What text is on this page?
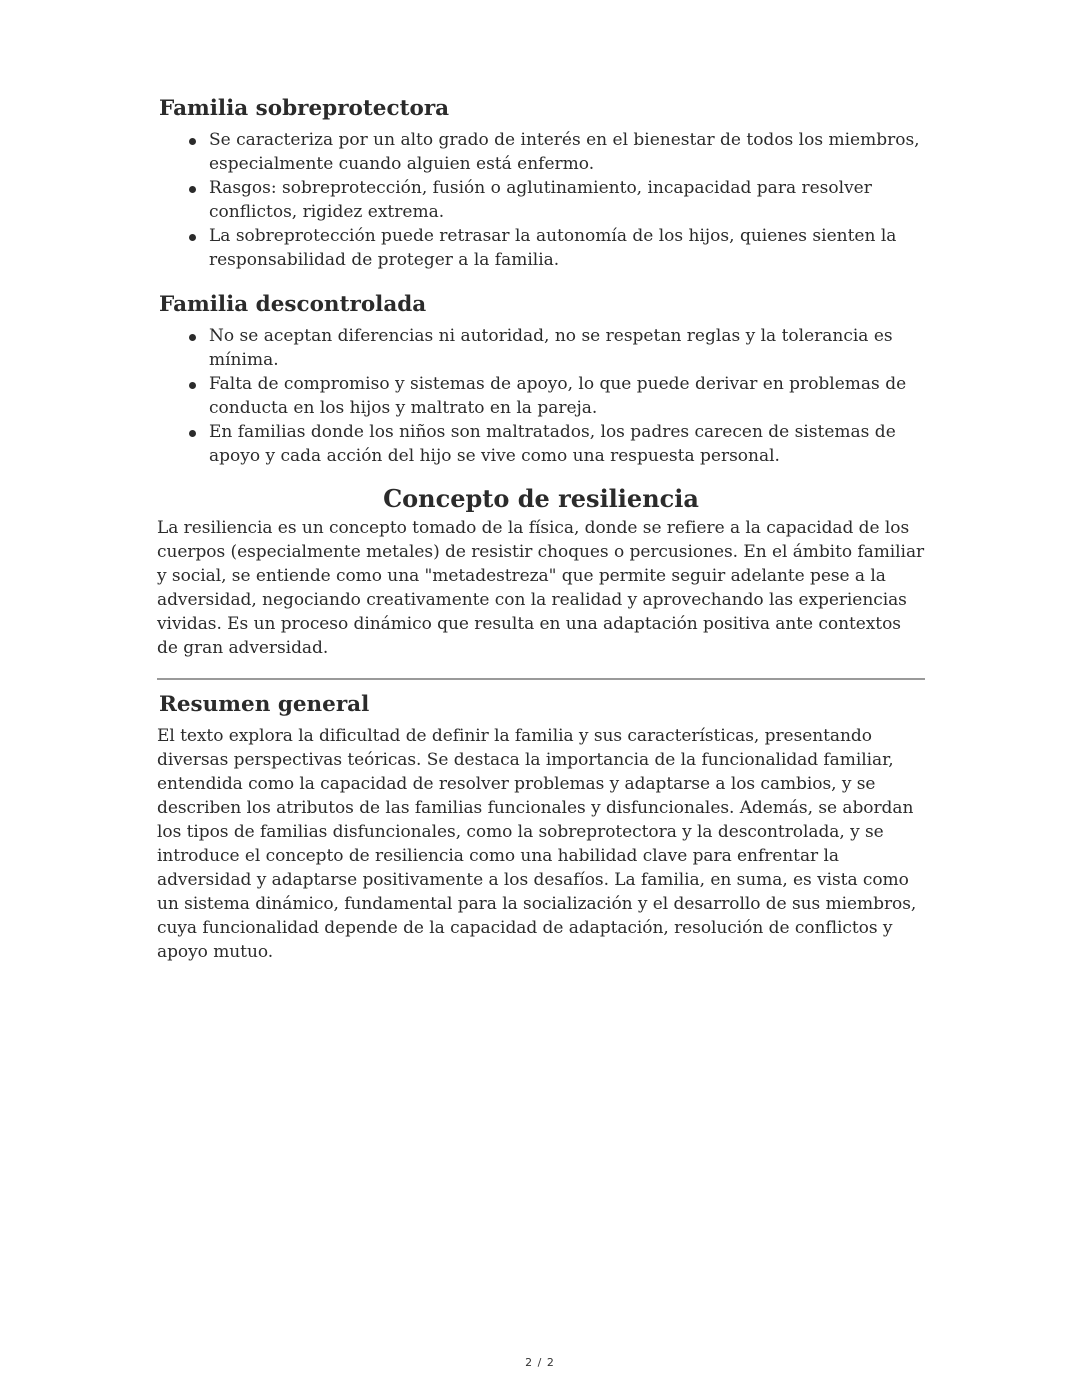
Familia sobreprotectora
Se caracteriza por un alto grado de interés en el bienestar de todos los miembros, especialmente cuando alguien está enfermo.
Rasgos: sobreprotección, fusión o aglutinamiento, incapacidad para resolver conflictos, rigidez extrema.
La sobreprotección puede retrasar la autonomía de los hijos, quienes sienten la responsabilidad de proteger a la familia.
Familia descontrolada
No se aceptan diferencias ni autoridad, no se respetan reglas y la tolerancia es mínima.
Falta de compromiso y sistemas de apoyo, lo que puede derivar en problemas de conducta en los hijos y maltrato en la pareja.
En familias donde los niños son maltratados, los padres carecen de sistemas de apoyo y cada acción del hijo se vive como una respuesta personal.
Concepto de resiliencia

La resiliencia es un concepto tomado de la física, donde se refiere a la capacidad de los cuerpos (especialmente metales) de resistir choques o percusiones. En el ámbito familiar y social, se entiende como una "metadestreza" que permite seguir adelante pese a la adversidad, negociando creativamente con la realidad y aprovechando las experiencias vividas. Es un proceso dinámico que resulta en una adaptación positiva ante contextos de gran adversidad.

Resumen general

El texto explora la dificultad de definir la familia y sus características, presentando diversas perspectivas teóricas. Se destaca la importancia de la funcionalidad familiar, entendida como la capacidad de resolver problemas y adaptarse a los cambios, y se describen los atributos de las familias funcionales y disfuncionales. Además, se abordan los tipos de familias disfuncionales, como la sobreprotectora y la descontrolada, y se introduce el concepto de resiliencia como una habilidad clave para enfrentar la adversidad y adaptarse positivamente a los desafíos. La familia, en suma, es vista como un sistema dinámico, fundamental para la socialización y el desarrollo de sus miembros, cuya funcionalidad depende de la capacidad de adaptación, resolución de conflictos y apoyo mutuo.

2 / 2
